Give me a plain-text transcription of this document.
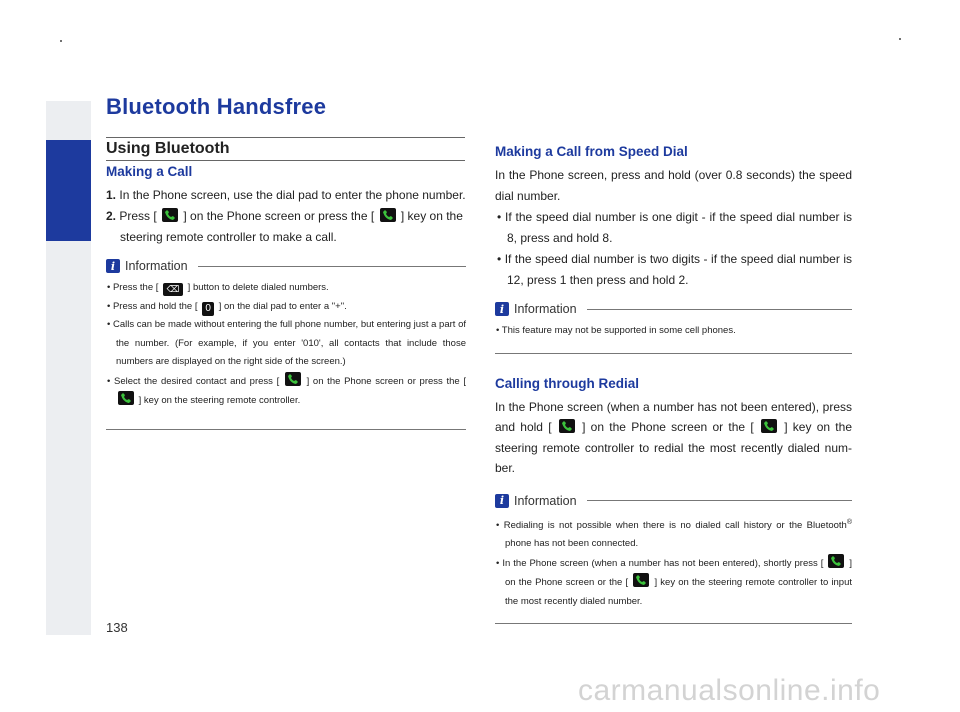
Bluetooth Handsfree
Using Bluetooth
Making a Call

1. In the Phone screen, use the dial pad to enter the phone number.

2. Press [ ] on the Phone screen or press the [ ] key on the steering remote controller to make a call.

i Information

• Press the [ ⌫ ] button to delete dialed numbers.

• Press and hold the [ 0 ] on the dial pad to enter a "+".

• Calls can be made without entering the full phone number, but entering just a part of the number. (For example, if you enter '010', all contacts that include those numbers are displayed on the right side of the screen.)

• Select the desired contact and press [	] on the Phone screen or press the [
] key on the steering remote controller.

Making a Call from Speed Dial

In the Phone screen, press and hold (over 0.8 seconds) the speed dial number.

• If the speed dial number is one digit - if the speed dial number is 8, press and hold 8.

• If the speed dial number is two digits - if the speed dial number is 12, press 1 then press and hold 2.

i Information

• This feature may not be supported in some cell phones.

Calling through Redial

In the Phone screen (when a number has not been entered), press and hold [	] on the Phone screen or the [	] key on the steering remote controller to redial the most recently dialed num-ber.

i Information

• Redialing is not possible when there is no dialed call history or the Bluetooth® phone has not been connected.

• In the Phone screen (when a number has not been entered), shortly press [	] on the Phone screen or the [	] key on the steering remote controller to input the most recently dialed number.

138
carmanualsonline.info
